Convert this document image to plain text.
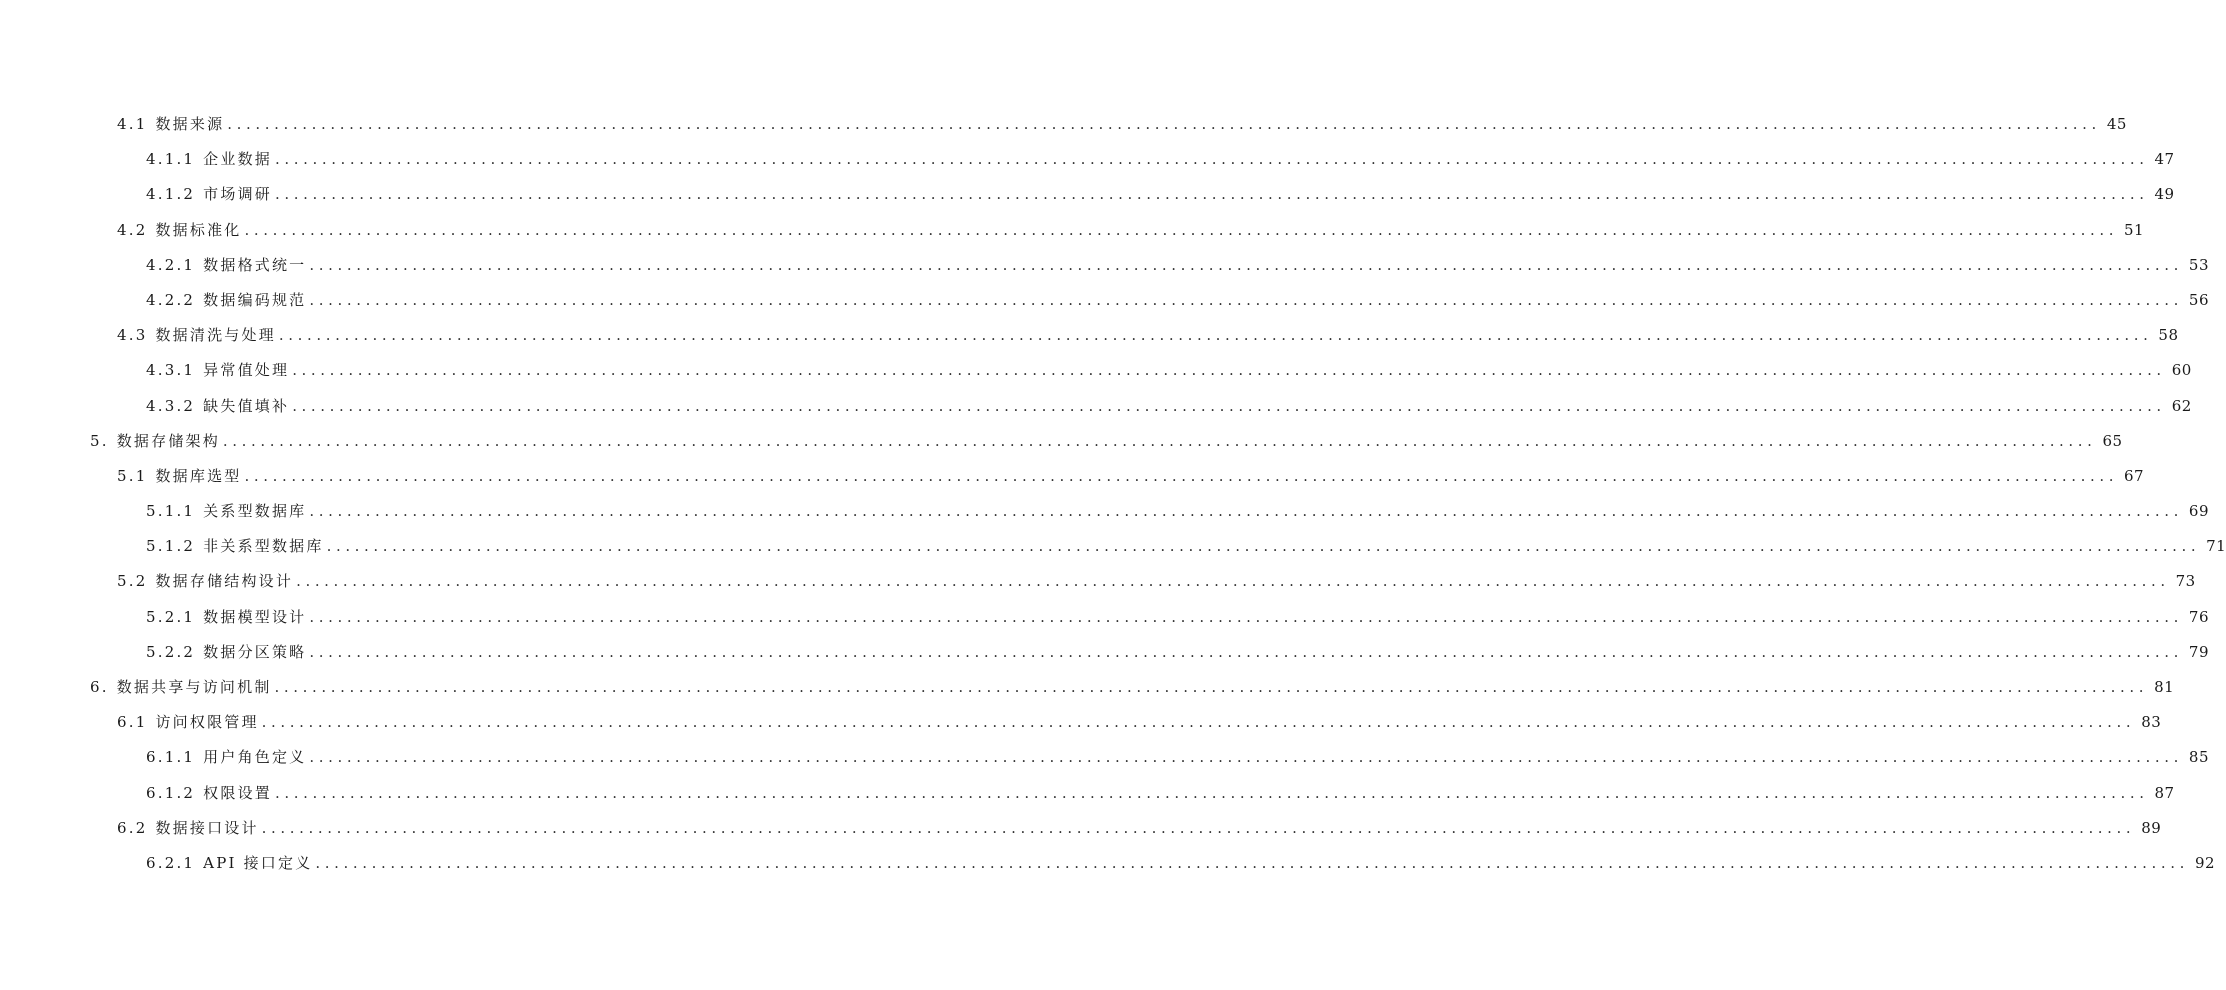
4.1 数据来源 ........................................................................................................................................................................................................ 45
4.1.1 企业数据 ........................................................................................................................................................................................................ 47
4.1.2 市场调研 ........................................................................................................................................................................................................ 49
4.2 数据标准化 ........................................................................................................................................................................................................ 51
4.2.1 数据格式统一 ........................................................................................................................................................................................................ 53
4.2.2 数据编码规范 ........................................................................................................................................................................................................ 56
4.3 数据清洗与处理 ........................................................................................................................................................................................................ 58
4.3.1 异常值处理 ........................................................................................................................................................................................................ 60
4.3.2 缺失值填补 ........................................................................................................................................................................................................ 62
5. 数据存储架构 ........................................................................................................................................................................................................ 65
5.1 数据库选型 ........................................................................................................................................................................................................ 67
5.1.1 关系型数据库 ........................................................................................................................................................................................................ 69
5.1.2 非关系型数据库 ........................................................................................................................................................................................................ 71
5.2 数据存储结构设计 ........................................................................................................................................................................................................ 73
5.2.1 数据模型设计 ........................................................................................................................................................................................................ 76
5.2.2 数据分区策略 ........................................................................................................................................................................................................ 79
6. 数据共享与访问机制 ........................................................................................................................................................................................................ 81
6.1 访问权限管理 ........................................................................................................................................................................................................ 83
6.1.1 用户角色定义 ........................................................................................................................................................................................................ 85
6.1.2 权限设置 ........................................................................................................................................................................................................ 87
6.2 数据接口设计 ........................................................................................................................................................................................................ 89
6.2.1 API 接口定义 ........................................................................................................................................................................................................ 92
